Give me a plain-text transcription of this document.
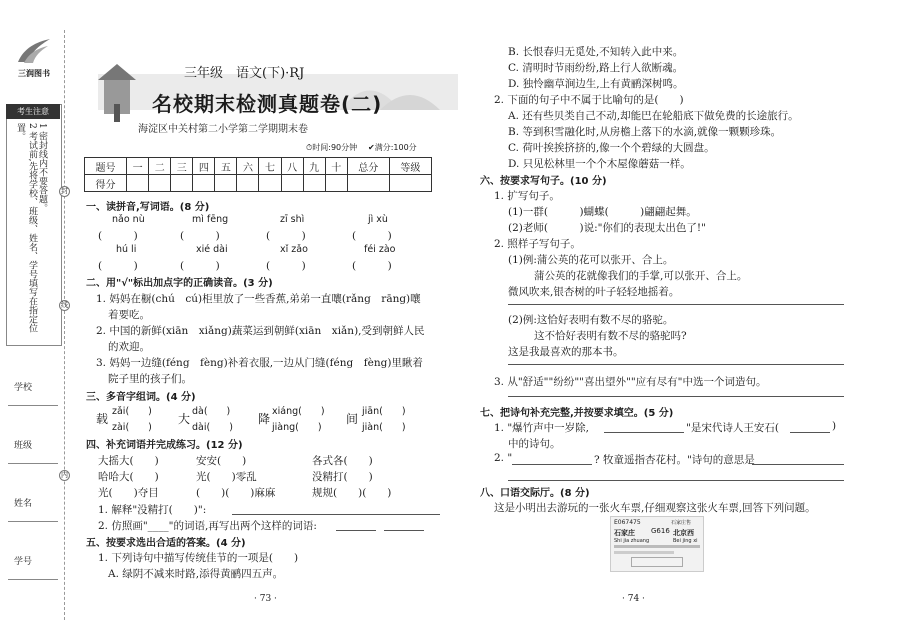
三润图书
考生注意
1 密封线内不要答题。
2 考试前,先将学校、班级、姓名、学号填写在指定位置。
封
线
内
学校
班级
姓名
学号
三年级　语文(下)·RJ
名校期末检测真题卷(二)
海淀区中关村第二小学第二学期期末卷
⏱时间:90分钟 ✔满分:100分
题号	一	二	三	四	五	六	七	八	九	十	总分	等级
得分												
一、读拼音,写词语。(8 分)
nǎo nù	mì fēng	zī shì	jì xù
(　　　)	(　　　)	(　　　)	(　　　)
hú li	xié dài	xǐ zǎo	féi zào
(　　　)	(　　　)	(　　　)	(　　　)
二、用"√"标出加点字的正确读音。(3 分)
1. 妈妈在橱(chú　cú)柜里放了一些香蕉,弟弟一直嚷(rǎng　rāng)嚷
着要吃。
2. 中国的新鲜(xiān　xiǎng)蔬菜运到朝鲜(xiān　xiǎn),受到朝鲜人民
的欢迎。
3. 妈妈一边缝(féng　fèng)补着衣服,一边从门缝(féng　fèng)里瞅着
院子里的孩子们。
三、多音字组词。(4 分)
载
zǎi(　　)
zài(　　)
大
dà(　　)
dài(　　)
降
xiáng(　　)
jiàng(　　)
间
jiān(　　)
jiàn(　　)
四、补充词语并完成练习。(12 分)
大摇大(　　)	安安(　　)	各式各(　　)
哈哈大(　　)	光(　　)零乱	没精打(　　)
光(　　)夺目	(　　)(　　)麻麻	规规(　　)(　　)
1. 解释"没精打(　　)":
2. 仿照画"____"的词语,再写出两个这样的词语:
五、按要求选出合适的答案。(4 分)
1. 下列诗句中描写传统佳节的一项是(　　)
A. 绿阴不减来时路,添得黄鹂四五声。
· 73 ·
B. 长恨春归无觅处,不知转入此中来。
C. 清明时节雨纷纷,路上行人欲断魂。
D. 独怜幽草涧边生,上有黄鹂深树鸣。
2. 下面的句子中不属于比喻句的是(　　)
A. 还有些贝类自己不动,却能巴在轮船底下做免费的长途旅行。
B. 等到积雪融化时,从房檐上落下的水滴,就像一颗颗珍珠。
C. 荷叶挨挨挤挤的,像一个个碧绿的大圆盘。
D. 只见松林里一个个木屋像蘑菇一样。
六、按要求写句子。(10 分)
1. 扩写句子。
(1)一群(　　　)蝴蝶(　　　)翩翩起舞。
(2)老师(　　　)说:"你们的表现太出色了!"
2. 照样子写句子。
(1)例:蒲公英的花可以张开、合上。
蒲公英的花就像我们的手掌,可以张开、合上。
微风吹来,银杏树的叶子轻轻地摇着。
(2)例:这恰好表明有数不尽的骆驼。
这不恰好表明有数不尽的骆驼吗?
这是我最喜欢的那本书。
3. 从"舒适""纷纷""喜出望外""应有尽有"中选一个词造句。
七、把诗句补充完整,并按要求填空。(5 分)
1. "爆竹声中一岁除,	"是宋代诗人王安石(	)
中的诗句。
2. "	? 牧童遥指杏花村。"诗句的意思是
八、口语交际厅。(8 分)
这是小明出去游玩的一张火车票,仔细观察这张火车票,回答下列问题。
E067475	石家庄售
石家庄 G616 北京西
Shi jia zhuang	Bei jing xi
· 74 ·
